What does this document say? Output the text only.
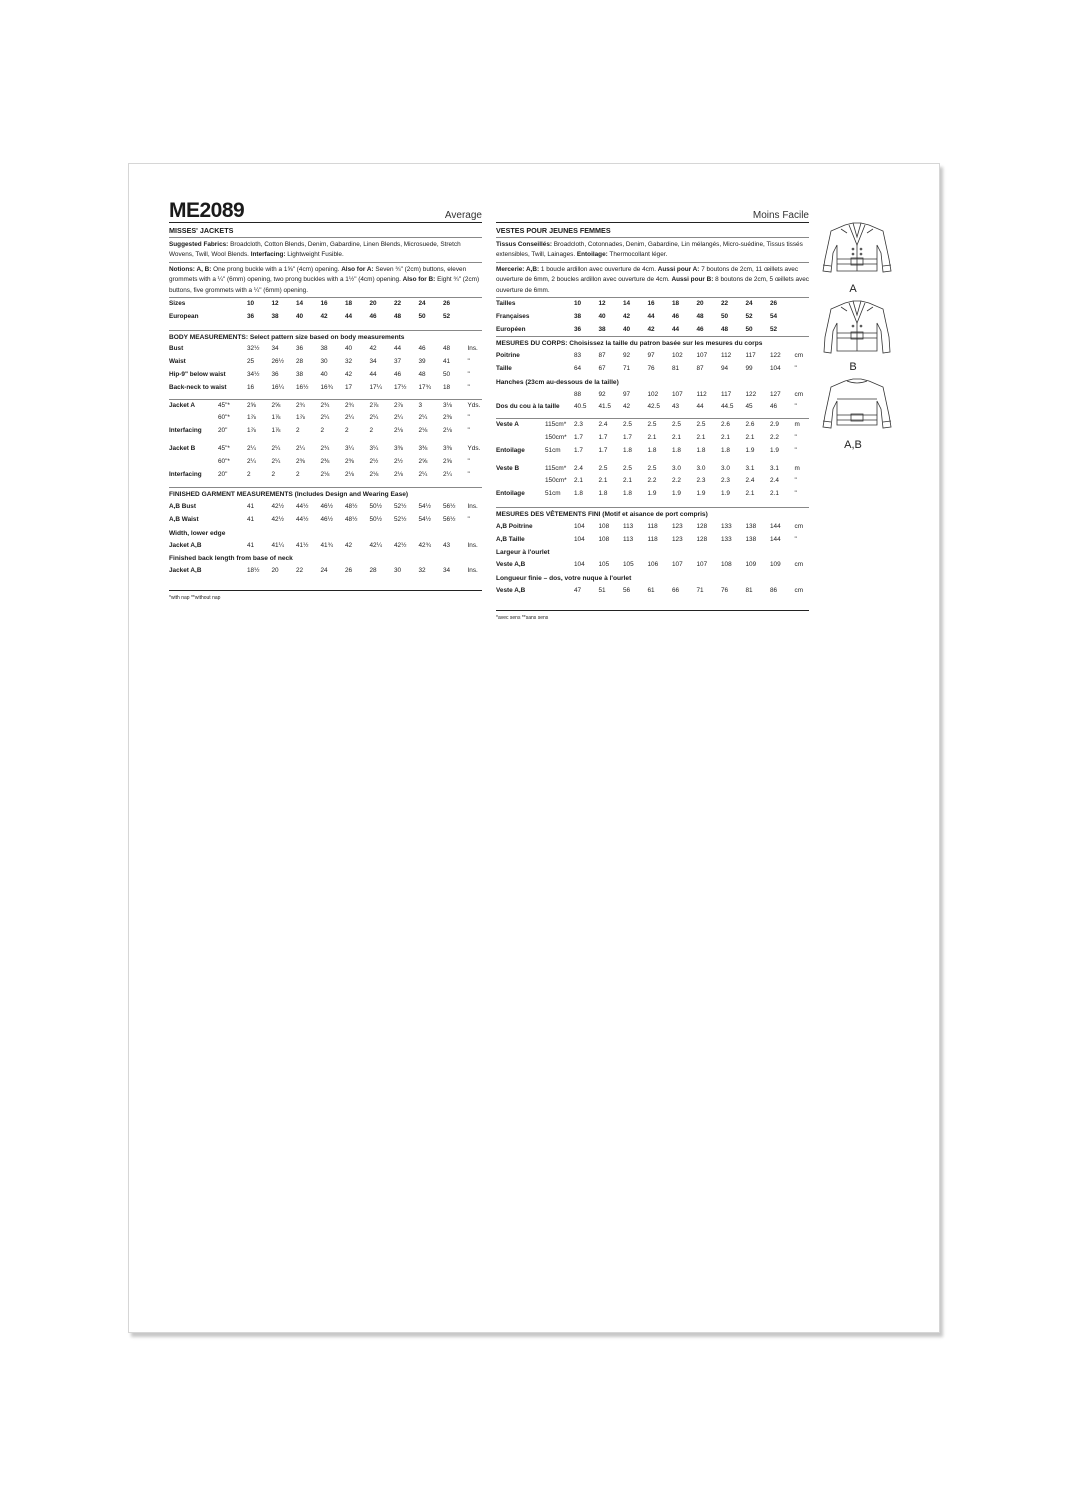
ME2089	Average
MISSES' JACKETS
Suggested Fabrics: Broadcloth, Cotton Blends, Denim, Gabardine, Linen Blends, Microsuede, Stretch Wovens, Twill, Wool Blends. Interfacing: Lightweight Fusible.
Notions: A, B: One prong buckle with a 1⅝" (4cm) opening. Also for A: Seven ¾" (2cm) buttons, eleven grommets with a ¼" (6mm) opening, two prong buckles with a 1½" (4cm) opening. Also for B: Eight ¾" (2cm) buttons, five grommets with a ¼" (6mm) opening.
Sizes	10	12	14	16	18	20	22	24	26
European	36	38	40	42	44	46	48	50	52
BODY MEASUREMENTS: Select pattern size based on body measurements
Bust	32½	34	36	38	40	42	44	46	48	Ins.
Waist	25	26½	28	30	32	34	37	39	41	"
Hip-9" below waist	34½	36	38	40	42	44	46	48	50	"
Back-neck to waist	16	16¼	16½	16¾	17	17¼	17½	17¾	18	"
Jacket A	45"*	2⅝	2⅝	2¾	2¾	2¾	2⅞	2⅞	3	3⅛	Yds.
60"*	1⅞	1⅞	1⅞	2¼	2¼	2¼	2¼	2¼	2⅜	"
Interfacing	20"	1⅞	1⅞	2	2	2	2	2⅛	2⅛	2⅛	"
Jacket B	45"*	2¼	2¼	2¼	2¾	3¼	3¼	3⅜	3⅜	3⅜	Yds.
60"*	2¼	2¼	2⅜	2⅜	2⅜	2½	2½	2⅝	2⅝	"
Interfacing	20"	2	2	2	2⅛	2⅛	2⅛	2⅛	2¼	2¼	"
FINISHED GARMENT MEASUREMENTS (Includes Design and Wearing Ease)
A,B Bust	41	42½	44½	46½	48½	50½	52½	54½	56½	Ins.
A,B Waist	41	42½	44½	46½	48½	50½	52½	54½	56½	"
Width, lower edge
Jacket A,B	41	41¼	41½	41¾	42	42¼	42½	42¾	43	Ins.
Finished back length from base of neck
Jacket A,B	18½	20	22	24	26	28	30	32	34	Ins.
*with nap **without nap
Moins Facile
VESTES POUR JEUNES FEMMES
Tissus Conseillés: Broadcloth, Cotonnades, Denim, Gabardine, Lin mélangés, Micro-suédine, Tissus tissés extensibles, Twill, Lainages. Entoilage: Thermocollant léger.
Mercerie: A,B: 1 boucle ardillon avec ouverture de 4cm. Aussi pour A: 7 boutons de 2cm, 11 œillets avec ouverture de 6mm, 2 boucles ardillon avec ouverture de 4cm. Aussi pour B: 8 boutons de 2cm, 5 œillets avec ouverture de 6mm.
Tailles	10	12	14	16	18	20	22	24	26
Françaises	38	40	42	44	46	48	50	52	54
Européen	36	38	40	42	44	46	48	50	52
MESURES DU CORPS: Choisissez la taille du patron basée sur les mesures du corps
Poitrine	83	87	92	97	102	107	112	117	122	cm
Taille	64	67	71	76	81	87	94	99	104	"
Hanches (23cm au-dessous de la taille)
88	92	97	102	107	112	117	122	127	cm
Dos du cou à la taille	40.5	41.5	42	42.5	43	44	44.5	45	46	"
Veste A	115cm*	2.3	2.4	2.5	2.5	2.5	2.5	2.6	2.6	2.9	m
150cm*	1.7	1.7	1.7	2.1	2.1	2.1	2.1	2.1	2.2	"
Entoilage	51cm	1.7	1.7	1.8	1.8	1.8	1.8	1.8	1.9	1.9	"
Veste B	115cm*	2.4	2.5	2.5	2.5	3.0	3.0	3.0	3.1	3.1	m
150cm*	2.1	2.1	2.1	2.2	2.2	2.3	2.3	2.4	2.4	"
Entoilage	51cm	1.8	1.8	1.8	1.9	1.9	1.9	1.9	2.1	2.1	"
MESURES DES VÊTEMENTS FINI (Motif et aisance de port compris)
A,B Poitrine	104	108	113	118	123	128	133	138	144	cm
A,B Taille	104	108	113	118	123	128	133	138	144	"
Largeur à l'ourlet
Veste A,B	104	105	105	106	107	107	108	109	109	cm
Longueur finie – dos, votre nuque à l'ourlet
Veste A,B	47	51	56	61	66	71	76	81	86	cm
*avec sens **sans sens
A
B
A,B
